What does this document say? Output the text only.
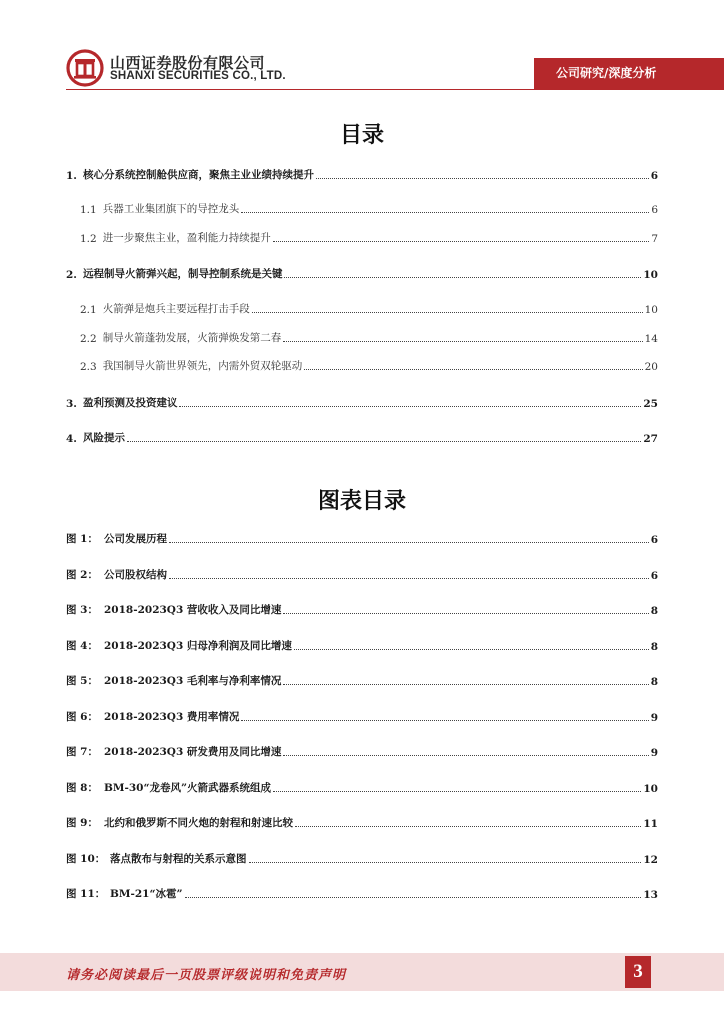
山西证券股份有限公司
SHANXI SECURITIES CO., LTD.	公司研究/深度分析
目录
1. 核心分系统控制舱供应商，聚焦主业业绩持续提升	6
1.1 兵器工业集团旗下的导控龙头	6
1.2 进一步聚焦主业，盈利能力持续提升	7
2. 远程制导火箭弹兴起，制导控制系统是关键	10
2.1 火箭弹是炮兵主要远程打击手段	10
2.2 制导火箭蓬勃发展，火箭弹焕发第二春	14
2.3 我国制导火箭世界领先，内需外贸双轮驱动	20
3. 盈利预测及投资建议	25
4. 风险提示	27
图表目录
图 1： 公司发展历程	6
图 2： 公司股权结构	6
图 3： 2018-2023Q3 营收收入及同比增速	8
图 4： 2018-2023Q3 归母净利润及同比增速	8
图 5： 2018-2023Q3 毛利率与净利率情况	8
图 6： 2018-2023Q3 费用率情况	9
图 7： 2018-2023Q3 研发费用及同比增速	9
图 8： BM-30“龙卷风”火箭武器系统组成	10
图 9： 北约和俄罗斯不同火炮的射程和射速比较	11
图 10： 落点散布与射程的关系示意图	12
图 11： BM-21“冰雹”	13
请务必阅读最后一页股票评级说明和免责声明	3
